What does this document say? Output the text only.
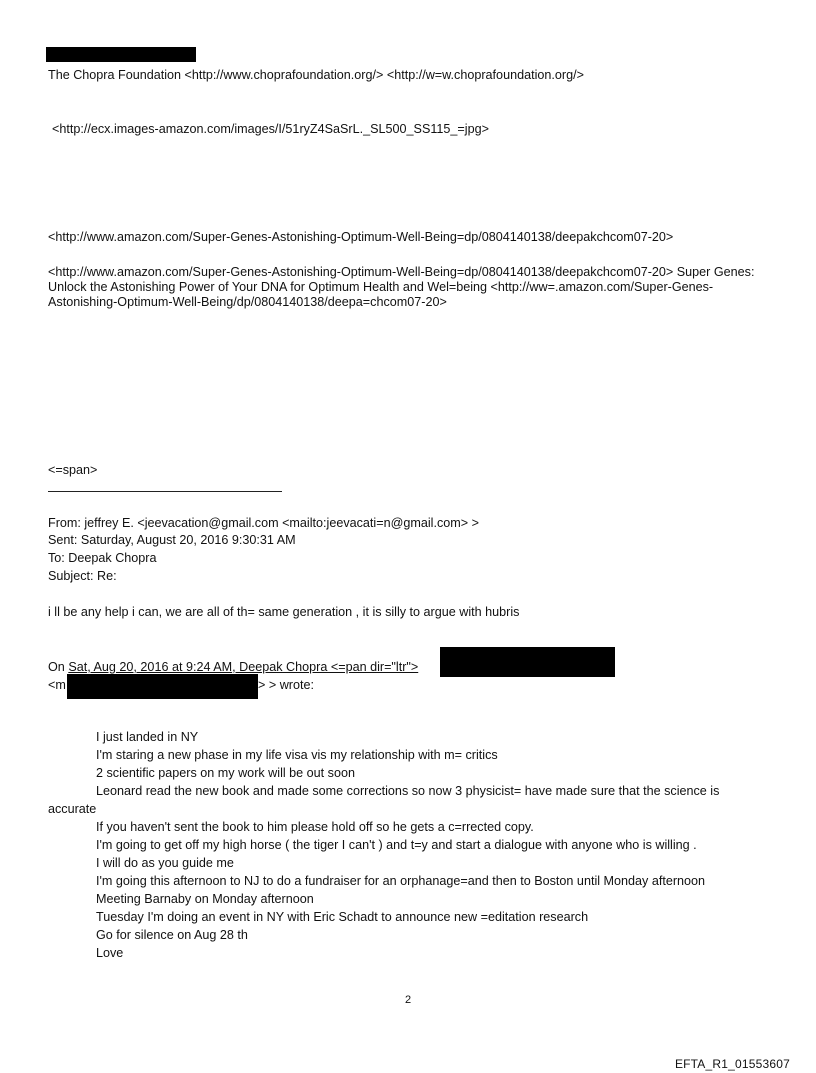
The Chopra Foundation <http://www.choprafoundation.org/> <http://w=w.choprafoundation.org/>
<http://ecx.images-amazon.com/images/I/51ryZ4SaSrL._SL500_SS115_=jpg>
<http://www.amazon.com/Super-Genes-Astonishing-Optimum-Well-Being=dp/0804140138/deepakchcom07-20>
<http://www.amazon.com/Super-Genes-Astonishing-Optimum-Well-Being=dp/0804140138/deepakchcom07-20> Super Genes: Unlock the Astonishing Power of Your DNA for Optimum Health and Wel=being <http://ww=.amazon.com/Super-Genes-Astonishing-Optimum-Well-Being/dp/0804140138/deepa=chcom07-20>
<=span>
From: jeffrey E. <jeevacation@gmail.com <mailto:jeevacati=n@gmail.com> >
Sent: Saturday, August 20, 2016 9:30:31 AM
To: Deepak Chopra
Subject: Re:
i ll be any help i can, we are all of th= same generation , it is silly to argue with hubris
On Sat, Aug 20, 2016 at 9:24 AM, Deepak Chopra <=pan dir="ltr">
<m	> > wrote:
I just landed in NY
I'm staring a new phase in my life visa vis my relationship with m= critics
2 scientific papers on my work will be out soon
Leonard read the new book and made some corrections so now 3 physicist= have made sure that the science is
accurate
If you haven't sent the book to him please hold off so he gets a c=rrected copy.
I'm going to get off my high horse ( the tiger I can't ) and t=y and start a dialogue with anyone who is willing .
I will do as you guide me
I'm going this afternoon to NJ to do a fundraiser for an orphanage=and then to Boston until Monday afternoon
Meeting Barnaby on Monday afternoon
Tuesday I'm doing an event in NY with Eric Schadt to announce new =editation research
Go for silence on Aug 28 th
Love
2
EFTA_R1_01553607
